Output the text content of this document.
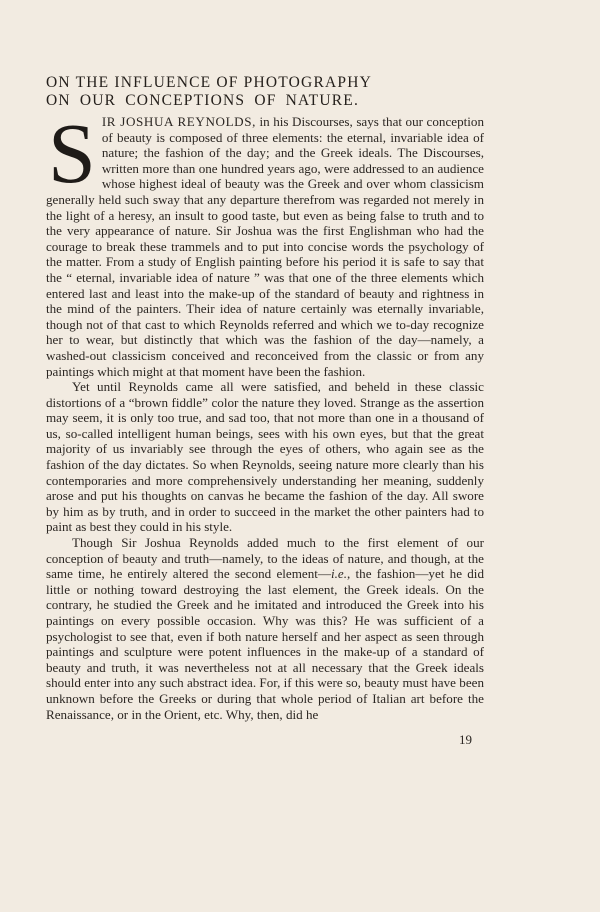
ON THE INFLUENCE OF PHOTOGRAPHY
ON OUR CONCEPTIONS OF NATURE.

SIR JOSHUA REYNOLDS, in his Discourses, says that our conception of beauty is composed of three elements: the eternal, invariable idea of nature; the fashion of the day; and the Greek ideals. The Discourses, written more than one hundred years ago, were addressed to an audience whose highest ideal of beauty was the Greek and over whom classicism generally held such sway that any departure therefrom was regarded not merely in the light of a heresy, an insult to good taste, but even as being false to truth and to the very appearance of nature. Sir Joshua was the first Englishman who had the courage to break these trammels and to put into concise words the psychology of the matter. From a study of English painting before his period it is safe to say that the “ eternal, invariable idea of nature ” was that one of the three elements which entered last and least into the make-up of the standard of beauty and rightness in the mind of the painters. Their idea of nature certainly was eternally invariable, though not of that cast to which Reynolds referred and which we to-day recognize her to wear, but distinctly that which was the fashion of the day—namely, a washed-out classicism conceived and reconceived from the classic or from any paintings which might at that moment have been the fashion.

Yet until Reynolds came all were satisfied, and beheld in these classic distortions of a “brown fiddle” color the nature they loved. Strange as the assertion may seem, it is only too true, and sad too, that not more than one in a thousand of us, so-called intelligent human beings, sees with his own eyes, but that the great majority of us invariably see through the eyes of others, who again see as the fashion of the day dictates. So when Reynolds, seeing nature more clearly than his contemporaries and more comprehensively understanding her meaning, suddenly arose and put his thoughts on canvas he became the fashion of the day. All swore by him as by truth, and in order to succeed in the market the other painters had to paint as best they could in his style.

Though Sir Joshua Reynolds added much to the first element of our conception of beauty and truth—namely, to the ideas of nature, and though, at the same time, he entirely altered the second element—i.e., the fashion—yet he did little or nothing toward destroying the last element, the Greek ideals. On the contrary, he studied the Greek and he imitated and introduced the Greek into his paintings on every possible occasion. Why was this? He was sufficient of a psychologist to see that, even if both nature herself and her aspect as seen through paintings and sculpture were potent influences in the make-up of a standard of beauty and truth, it was nevertheless not at all necessary that the Greek ideals should enter into any such abstract idea. For, if this were so, beauty must have been unknown before the Greeks or during that whole period of Italian art before the Renaissance, or in the Orient, etc. Why, then, did he

19
